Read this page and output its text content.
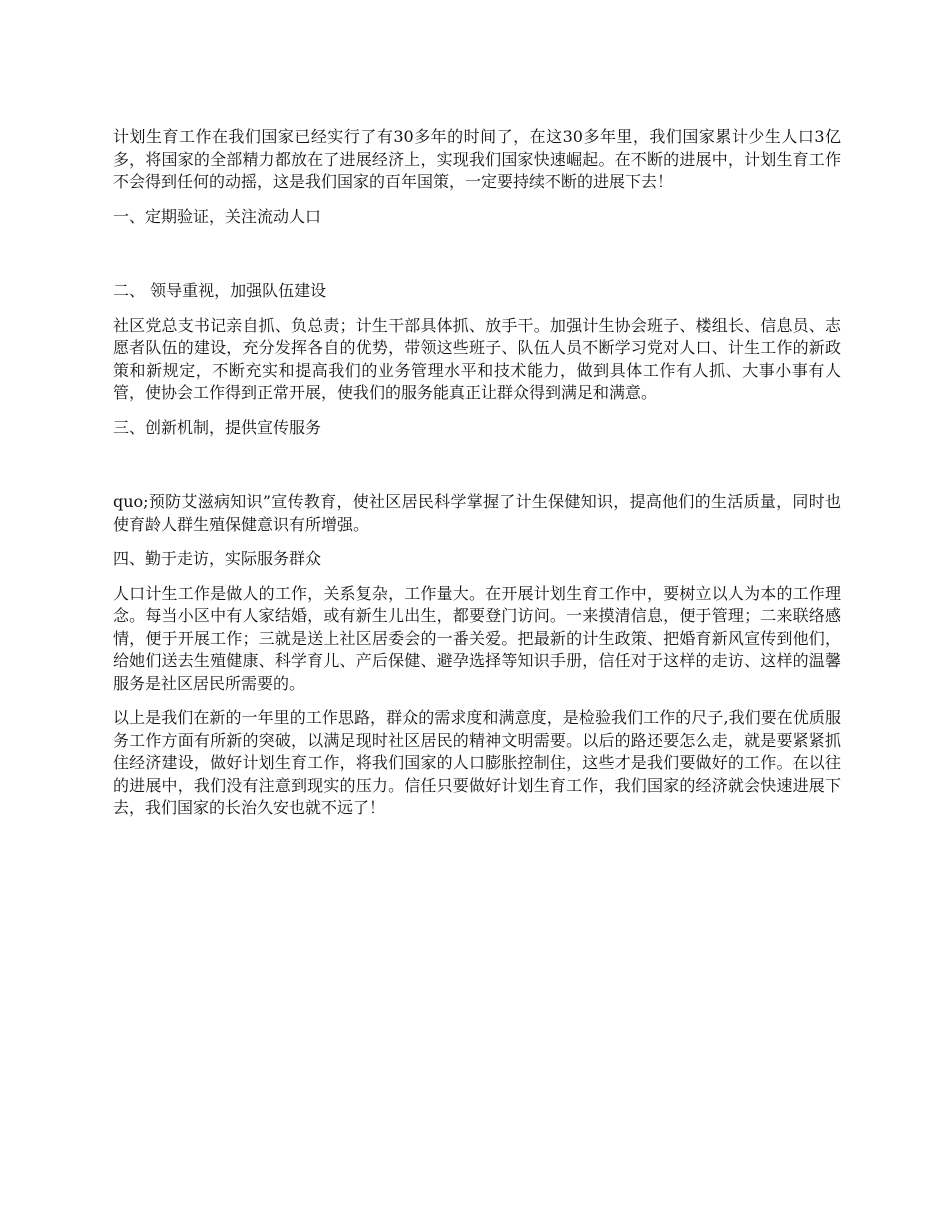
计划生育工作在我们国家已经实行了有30多年的时间了，在这30多年里，我们国家累计少生人口3亿多，将国家的全部精力都放在了进展经济上，实现我们国家快速崛起。在不断的进展中，计划生育工作不会得到任何的动摇，这是我们国家的百年国策，一定要持续不断的进展下去！

一、定期验证，关注流动人口

二、 领导重视，加强队伍建设

社区党总支书记亲自抓、负总责；计生干部具体抓、放手干。加强计生协会班子、楼组长、信息员、志愿者队伍的建设，充分发挥各自的优势，带领这些班子、队伍人员不断学习党对人口、计生工作的新政策和新规定，不断充实和提高我们的业务管理水平和技术能力，做到具体工作有人抓、大事小事有人管，使协会工作得到正常开展，使我们的服务能真正让群众得到满足和满意。

三、创新机制，提供宣传服务

quo;预防艾滋病知识”宣传教育，使社区居民科学掌握了计生保健知识，提高他们的生活质量，同时也使育龄人群生殖保健意识有所增强。

四、勤于走访，实际服务群众

人口计生工作是做人的工作，关系复杂，工作量大。在开展计划生育工作中，要树立以人为本的工作理念。每当小区中有人家结婚，或有新生儿出生，都要登门访问。一来摸清信息，便于管理；二来联络感情，便于开展工作；三就是送上社区居委会的一番关爱。把最新的计生政策、把婚育新风宣传到他们，给她们送去生殖健康、科学育儿、产后保健、避孕选择等知识手册，信任对于这样的走访、这样的温馨服务是社区居民所需要的。

以上是我们在新的一年里的工作思路，群众的需求度和满意度，是检验我们工作的尺子,我们要在优质服务工作方面有所新的突破，以满足现时社区居民的精神文明需要。以后的路还要怎么走，就是要紧紧抓住经济建设，做好计划生育工作，将我们国家的人口膨胀控制住，这些才是我们要做好的工作。在以往的进展中，我们没有注意到现实的压力。信任只要做好计划生育工作，我们国家的经济就会快速进展下去，我们国家的长治久安也就不远了！
